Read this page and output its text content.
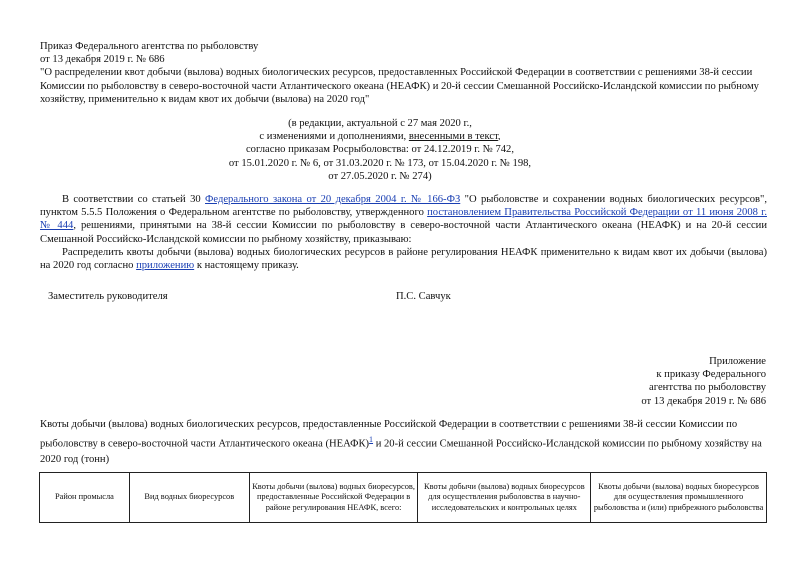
Приказ Федерального агентства по рыболовству
от 13 декабря 2019 г. № 686
"О распределении квот добычи (вылова) водных биологических ресурсов, предоставленных Российской Федерации в соответствии с решениями 38-й сессии Комиссии по рыболовству в северо-восточной части Атлантического океана (НЕАФК) и 20-й сессии Смешанной Российско-Исландской комиссии по рыбному хозяйству, применительно к видам квот их добычи (вылова) на 2020 год"
(в редакции, актуальной с 27 мая 2020 г.,
с изменениями и дополнениями, внесенными в текст,
согласно приказам Росрыболовства: от 24.12.2019 г. № 742,
от 15.01.2020 г. № 6, от 31.03.2020 г. № 173, от 15.04.2020 г. № 198,
от 27.05.2020 г. № 274)

В соответствии со статьей 30 Федерального закона от 20 декабря 2004 г. № 166-ФЗ "О рыболовстве и сохранении водных биологических ресурсов", пунктом 5.5.5 Положения о Федеральном агентстве по рыболовству, утвержденного постановлением Правительства Российской Федерации от 11 июня 2008 г. № 444, решениями, принятыми на 38-й сессии Комиссии по рыболовству в северо-восточной части Атлантического океана (НЕАФК) и на 20-й сессии Смешанной Российско-Исландской комиссии по рыбному хозяйству, приказываю:

Распределить квоты добычи (вылова) водных биологических ресурсов в районе регулирования НЕАФК применительно к видам квот их добычи (вылова) на 2020 год согласно приложению к настоящему приказу.

Заместитель руководителя	П.С. Савчук
Приложение
к приказу Федерального
агентства по рыболовству
от 13 декабря 2019 г. № 686
Квоты добычи (вылова) водных биологических ресурсов, предоставленные Российской Федерации в соответствии с решениями 38-й сессии Комиссии по рыболовству в северо-восточной части Атлантического океана (НЕАФК)$^1$ и 20-й сессии Смешанной Российско-Исландской комиссии по рыбному хозяйству на 2020 год (тонн)
Район промысла	Вид водных биоресурсов	Квоты добычи (вылова) водных биоресурсов, предоставленные Российской Федерации в районе регулирования НЕАФК, всего:	Квоты добычи (вылова) водных биоресурсов для осуществления рыболовства в научно-исследовательских и контрольных целях	Квоты добычи (вылова) водных биоресурсов для осуществления промышленного рыболовства и (или) прибрежного рыболовства
